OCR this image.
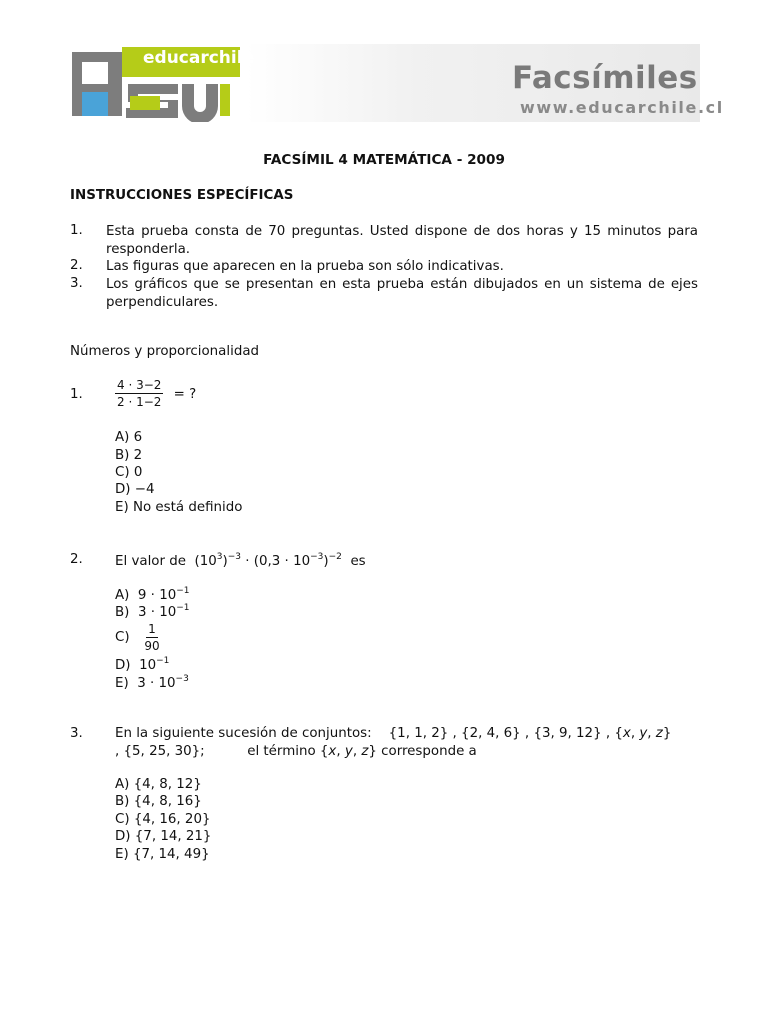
educarchile
Facsímiles
www.educarchile.cl
FACSÍMIL 4 MATEMÁTICA - 2009
INSTRUCCIONES ESPECÍFICAS
1. Esta prueba consta de 70 preguntas. Usted dispone de dos horas y 15 minutos para responderla.
2. Las figuras que aparecen en la prueba son sólo indicativas.
3. Los gráficos que se presentan en esta prueba están dibujados en un sistema de ejes perpendiculares.
Números y proporcionalidad
1.	$\frac{4 \cdot 3-2}{2 \cdot 1-2}$ = ?
A) 6
B) 2
C) 0
D) −4
E) No está definido
2. El valor de $(10^3)^{-3} \cdot (0,3 \cdot 10^{-3})^{-2}$ es
A) $9 \cdot 10^{-1}$
B) $3 \cdot 10^{-1}$
$C) \frac{1}{90}$
D) $10^{-1}$
E) $3 \cdot 10^{-3}$
3. En la siguiente sucesión de conjuntos: {1, 1, 2} , {2, 4, 6} , {3, 9, 12} , {x, y, z}
, {5, 25, 30};	el término {x, y, z} corresponde a
A) {4, 8, 12}
B) {4, 8, 16}
C) {4, 16, 20}
D) {7, 14, 21}
E) {7, 14, 49}
